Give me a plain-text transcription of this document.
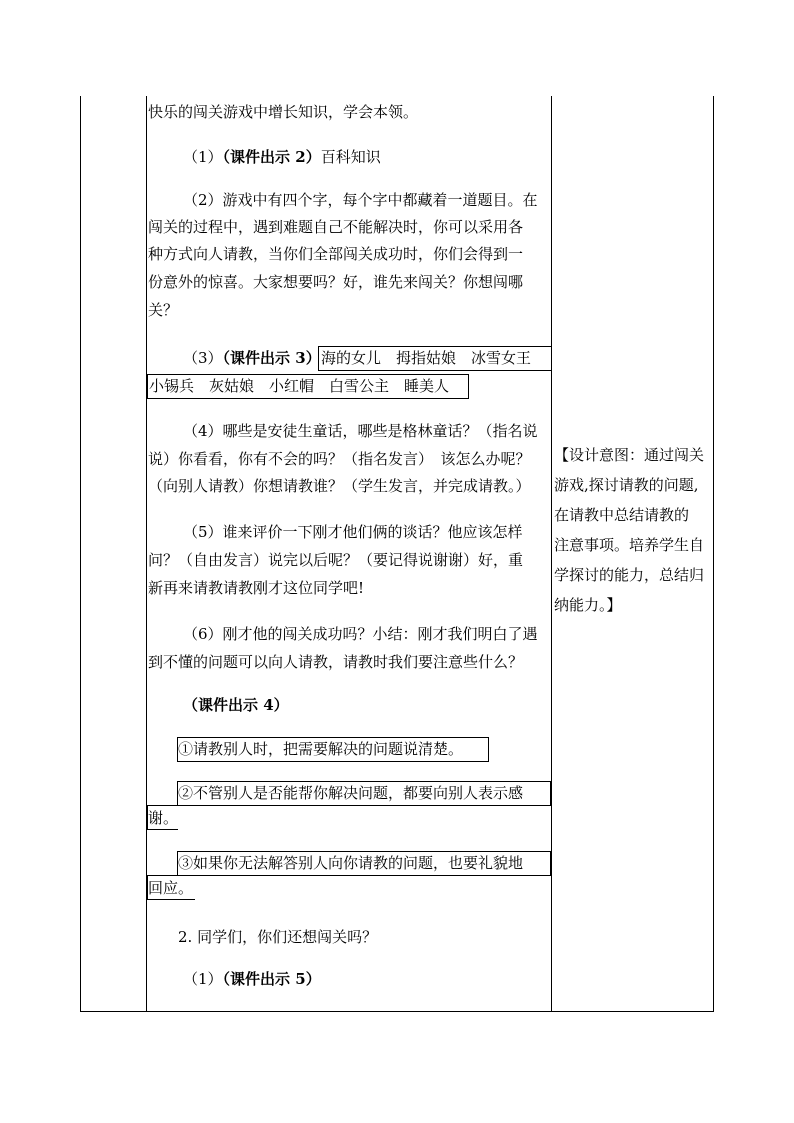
快乐的闯关游戏中增长知识，学会本领。
（1）（课件出示 2）百科知识
（2）游戏中有四个字，每个字中都藏着一道题目。在
闯关的过程中，遇到难题自己不能解决时，你可以采用各
种方式向人请教，当你们全部闯关成功时，你们会得到一
份意外的惊喜。大家想要吗？好，谁先来闯关？你想闯哪
关？
（3）（课件出示 3） 海的女儿　拇指姑娘　冰雪女王
小锡兵　灰姑娘　小红帽　白雪公主　睡美人
（4）哪些是安徒生童话，哪些是格林童话？（指名说
说）你看看，你有不会的吗？（指名发言）　该怎么办呢？
（向别人请教）你想请教谁？（学生发言，并完成请教。）
（5）谁来评价一下刚才他们俩的谈话？他应该怎样
问？（自由发言）说完以后呢？（要记得说谢谢）好，重
新再来请教请教刚才这位同学吧!
（6）刚才他的闯关成功吗？小结：刚才我们明白了遇
到不懂的问题可以向人请教，请教时我们要注意些什么？
（课件出示 4）
①请教别人时，把需要解决的问题说清楚。
②不管别人是否能帮你解决问题，都要向别人表示感
谢。
③如果你无法解答别人向你请教的问题，也要礼貌地
回应。
2. 同学们，你们还想闯关吗？
（1）（课件出示 5）
【设计意图：通过闯关
游戏,探讨请教的问题,
在请教中总结请教的
注意事项。培养学生自
学探讨的能力，总结归
纳能力。】
